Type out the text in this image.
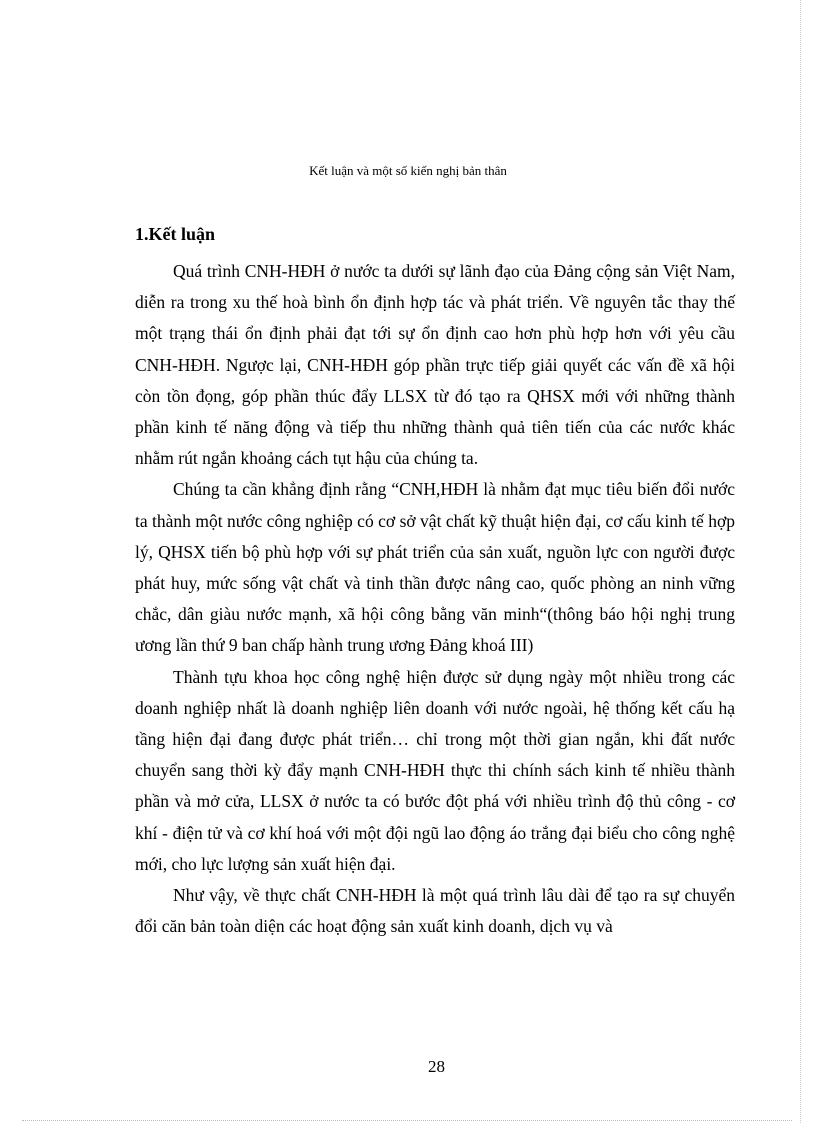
Kết luận và một số kiến nghị bản thân
1.Kết luận

Quá trình CNH-HĐH ở nước ta dưới sự lãnh đạo của Đảng cộng sản Việt Nam, diễn ra trong xu thế hoà bình ổn định hợp tác và phát triển. Về nguyên tắc thay thế một trạng thái ổn định phải đạt tới sự ổn định cao hơn phù hợp hơn với yêu cầu CNH-HĐH. Ngược lại, CNH-HĐH góp phần trực tiếp giải quyết các vấn đề xã hội còn tồn đọng, góp phần thúc đẩy LLSX từ đó tạo ra QHSX mới với những thành phần kinh tế năng động và tiếp thu những thành quả tiên tiến của các nước khác nhằm rút ngắn khoảng cách tụt hậu của chúng ta.

Chúng ta cần khẳng định rằng “CNH,HĐH là nhằm đạt mục tiêu biến đổi nước ta thành một nước công nghiệp có cơ sở vật chất kỹ thuật hiện đại, cơ cấu kinh tế hợp lý, QHSX tiến bộ phù hợp với sự phát triển của sản xuất, nguồn lực con người được phát huy, mức sống vật chất và tinh thần được nâng cao, quốc phòng an ninh vững chắc, dân giàu nước mạnh, xã hội công bằng văn minh“(thông báo hội nghị trung ương lần thứ 9 ban chấp hành trung ương Đảng khoá III)

Thành tựu khoa học công nghệ hiện được sử dụng ngày một nhiều trong các doanh nghiệp nhất là doanh nghiệp liên doanh với nước ngoài, hệ thống kết cấu hạ tầng hiện đại đang được phát triển… chỉ trong một thời gian ngắn, khi đất nước chuyển sang thời kỳ đẩy mạnh CNH-HĐH thực thi chính sách kinh tế nhiều thành phần và mở cửa, LLSX ở nước ta có bước đột phá với nhiều trình độ thủ công - cơ khí - điện tử và cơ khí hoá với một đội ngũ lao động áo trắng đại biểu cho công nghệ mới, cho lực lượng sản xuất hiện đại.

Như vậy, về thực chất CNH-HĐH là một quá trình lâu dài để tạo ra sự chuyển đổi căn bản toàn diện các hoạt động sản xuất kinh doanh, dịch vụ và

28
